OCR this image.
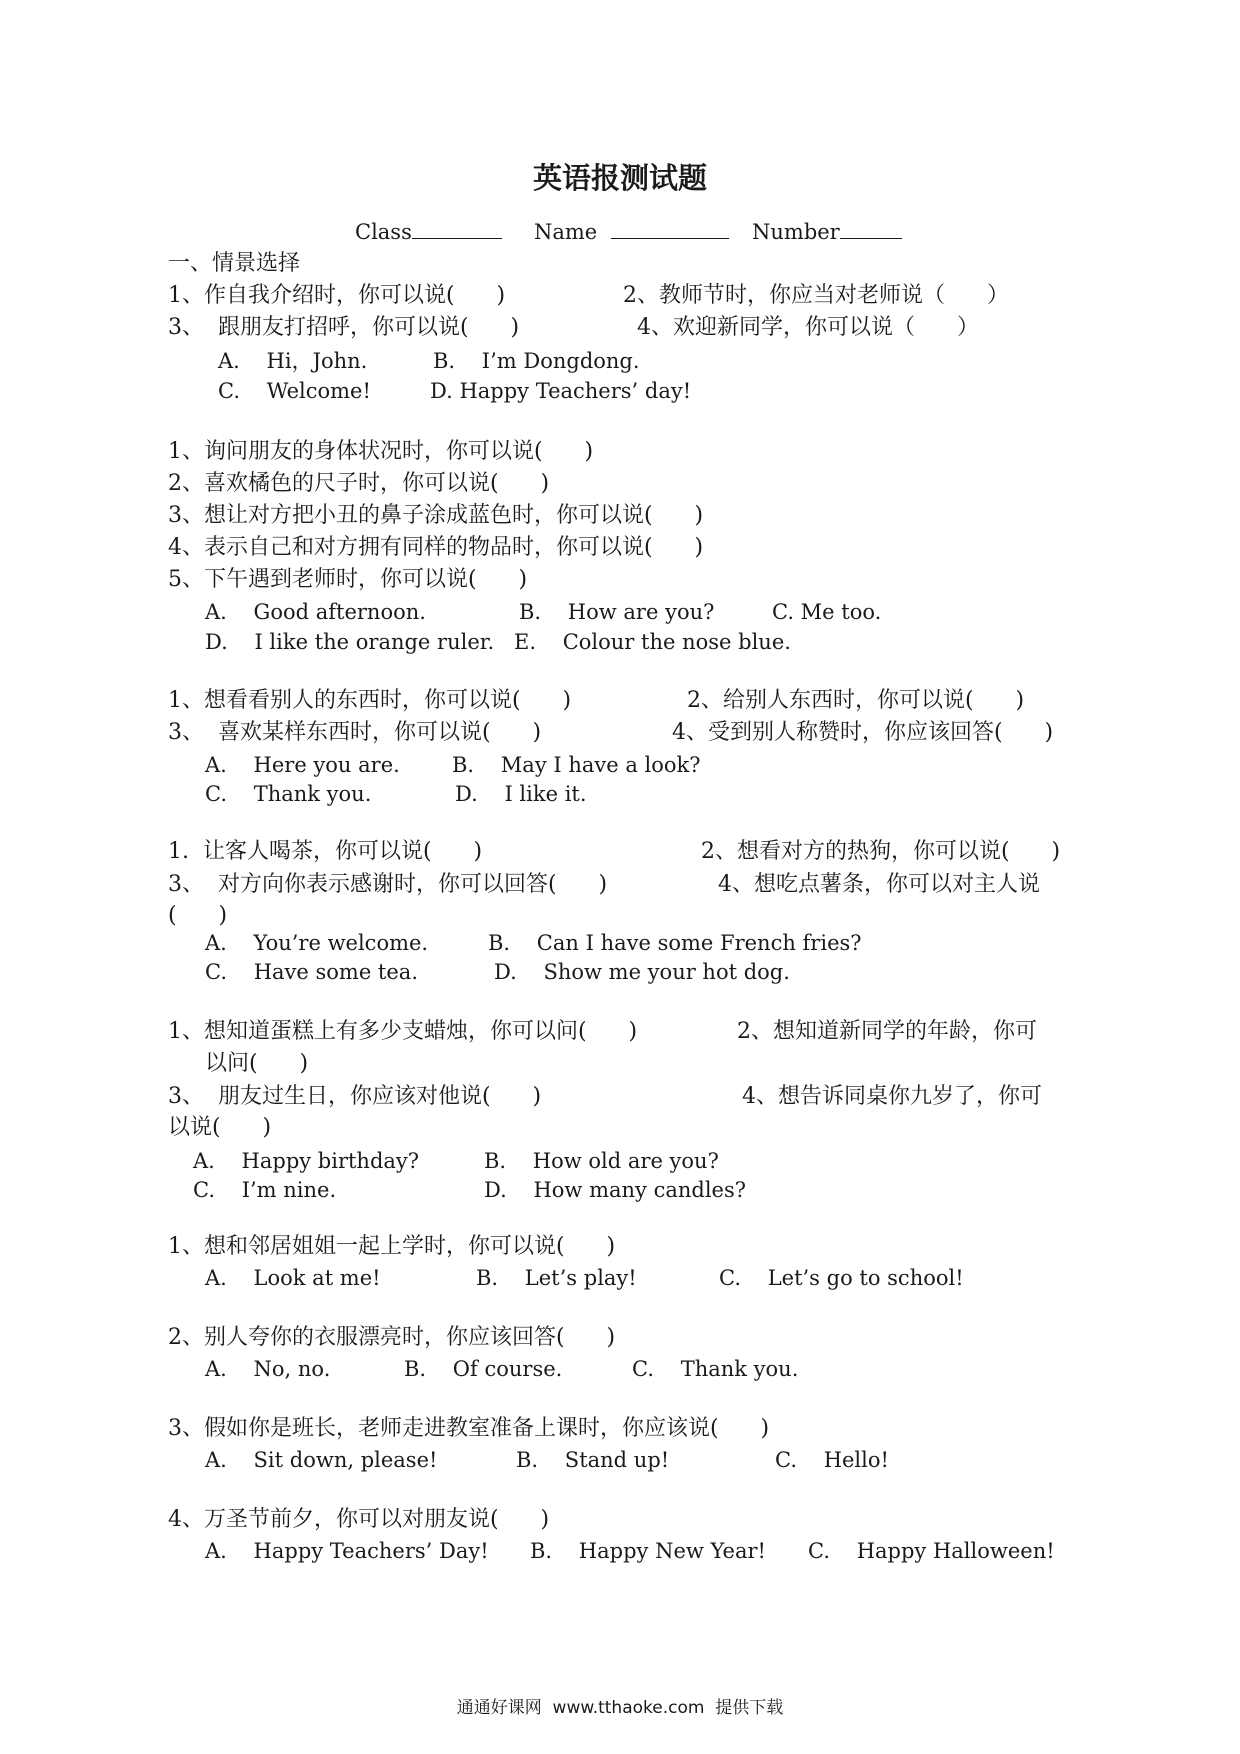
英语报测试题
Class	Name	Number
一、情景选择
1、作自我介绍时，你可以说(      )	2、教师节时，你应当对老师说（      ）
3、  跟朋友打招呼，你可以说(      )	4、欢迎新同学，你可以说（      ）
A.    Hi，John.	B.    I’m Dongdong.
C.    Welcome!	D. Happy Teachers’ day!
1、询问朋友的身体状况时，你可以说(      )
2、喜欢橘色的尺子时，你可以说(      )
3、想让对方把小丑的鼻子涂成蓝色时，你可以说(      )
4、表示自己和对方拥有同样的物品时，你可以说(      )
5、下午遇到老师时，你可以说(      )
A.    Good afternoon.	B.    How are you?	C. Me too.
D.    I like the orange ruler. E.    Colour the nose blue.
1、想看看别人的东西时，你可以说(      )	2、给别人东西时，你可以说(      )
3、  喜欢某样东西时，你可以说(      )	4、受到别人称赞时，你应该回答(      )
A.    Here you are. B.    May I have a look?
C.    Thank you.	D.    I like it.
1.  让客人喝茶，你可以说(      )	2、想看对方的热狗，你可以说(      )
3、  对方向你表示感谢时，你可以回答(      )	4、想吃点薯条，你可以对主人说
(      )
A.    You’re welcome.	B.    Can I have some French fries?
C.    Have some tea.	D.    Show me your hot dog.
1、想知道蛋糕上有多少支蜡烛，你可以问(      )	2、想知道新同学的年龄，你可
以问(      )
3、  朋友过生日，你应该对他说(      )	4、想告诉同桌你九岁了，你可
以说(      )
A.    Happy birthday?	B.    How old are you?
C.    I’m nine.	D.    How many candles?
1、想和邻居姐姐一起上学时，你可以说(      )
A.    Look at me!	B.    Let’s play!	C.    Let’s go to school!
2、别人夸你的衣服漂亮时，你应该回答(      )
A.    No, no.	B.    Of course.	C.    Thank you.
3、假如你是班长，老师走进教室准备上课时，你应该说(      )
A.    Sit down, please!	B.    Stand up!	C.    Hello!
4、万圣节前夕，你可以对朋友说(      )
A.    Happy Teachers’ Day! B.    Happy New Year! C.    Happy Halloween!
通通好课网  www.tthaoke.com  提供下载
